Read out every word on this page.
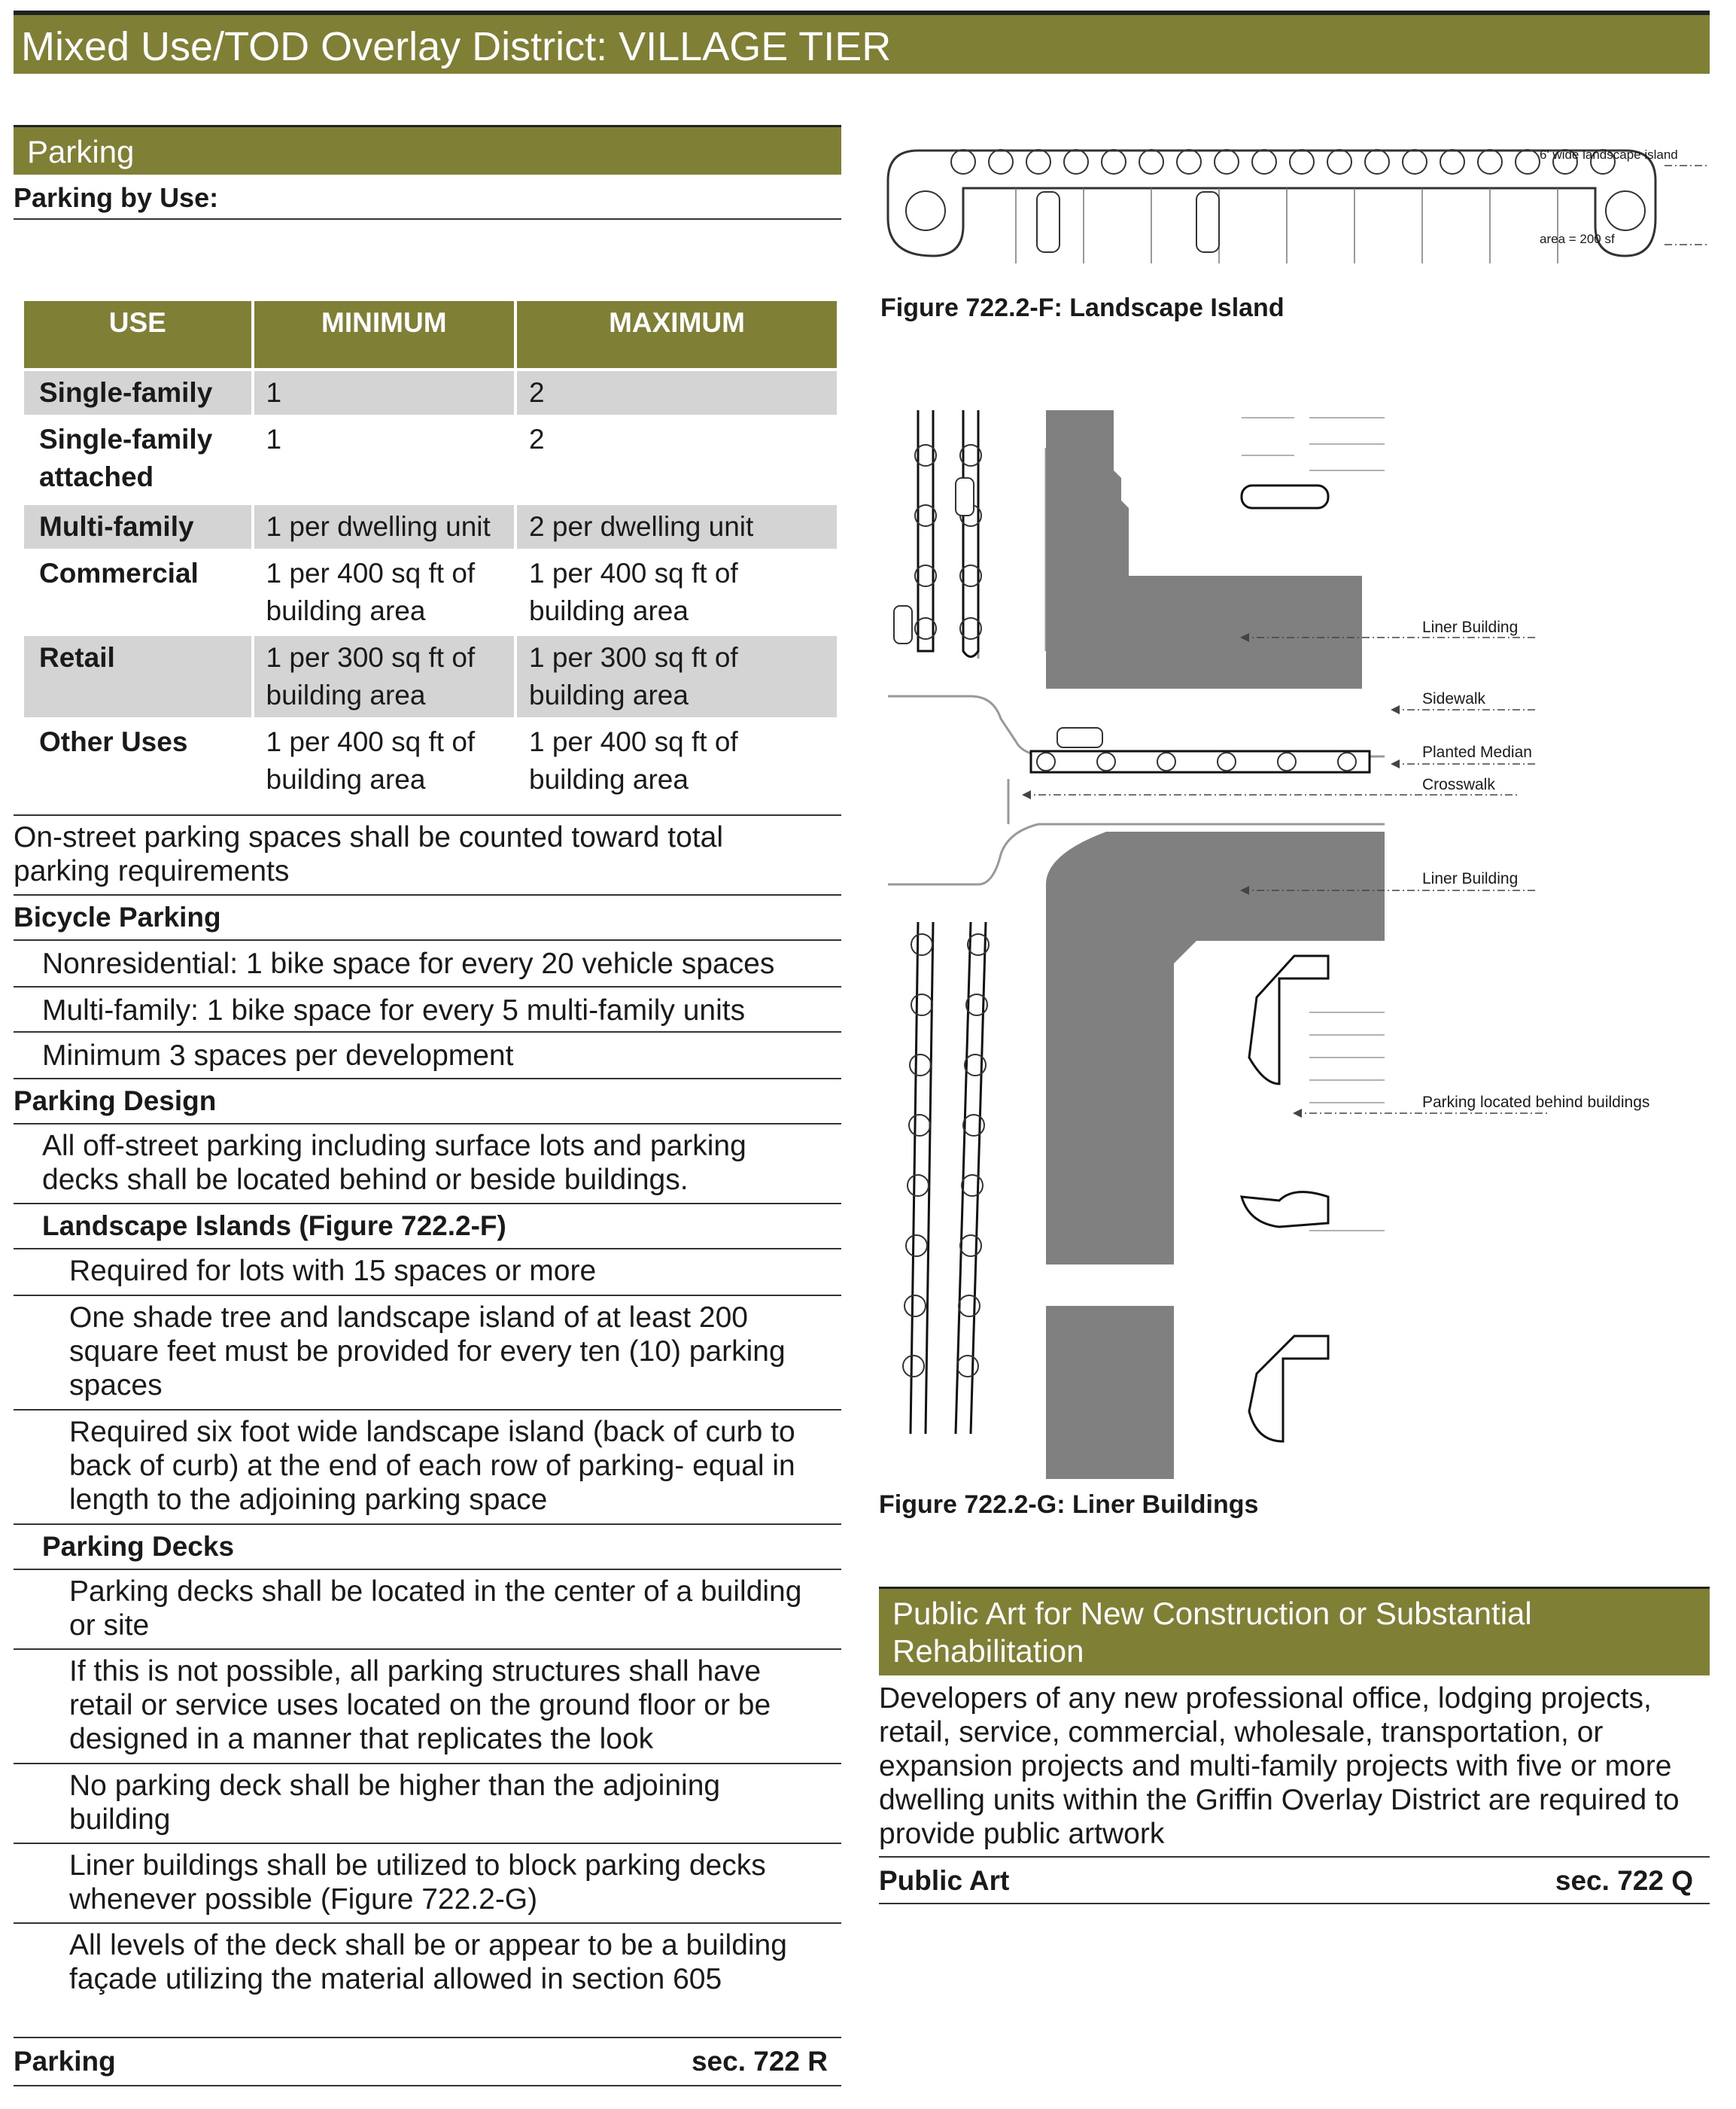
Mixed Use/TOD Overlay District: VILLAGE TIER
Parking
Parking by Use:
USE	MINIMUM	MAXIMUM
Single-family	1	2
Single-family attached	1	2
Multi-family	1 per dwelling unit	2 per dwelling unit
Commercial	1 per 400 sq ft of building area	1 per 400 sq ft of building area
Retail	1 per 300 sq ft of building area	1 per 300 sq ft of building area
Other Uses	1 per 400 sq ft of building area	1 per 400 sq ft of building area
On-street parking spaces shall be counted toward total parking requirements
Bicycle Parking
Nonresidential: 1 bike space for every 20 vehicle spaces
Multi-family: 1 bike space for every 5 multi-family units
Minimum 3 spaces per development
Parking Design
All off-street parking including surface lots and parking decks shall be located behind or beside buildings.
Landscape Islands (Figure 722.2-F)
Required for lots with 15 spaces or more
One shade tree and landscape island of at least 200 square feet must be provided for every ten (10) parking spaces
Required six foot wide landscape island (back of curb to back of curb) at the end of each row of parking- equal in length to the adjoining parking space
Parking Decks
Parking decks shall be located in the center of a building or site
If this is not possible, all parking structures shall have retail or service uses located on the ground floor or be designed in a manner that replicates the look
No parking deck shall be higher than the adjoining building
Liner buildings shall be utilized to block parking decks whenever possible (Figure 722.2-G)
All levels of the deck shall be or appear to be a building façade utilizing the material allowed in section 605
Parking	sec. 722 R
6' wide landscape island
area = 200 sf
Figure 722.2-F: Landscape Island
Liner Building
Sidewalk
Planted Median
Crosswalk
Liner Building
Parking located behind buildings
Figure 722.2-G: Liner Buildings
Public Art for New Construction or Substantial Rehabilitation
Developers of any new professional office, lodging projects, retail, service, commercial, wholesale, transportation, or expansion projects and multi-family projects with five or more dwelling units within the Griffin Overlay District are required to provide public artwork
Public Art	sec. 722 Q
